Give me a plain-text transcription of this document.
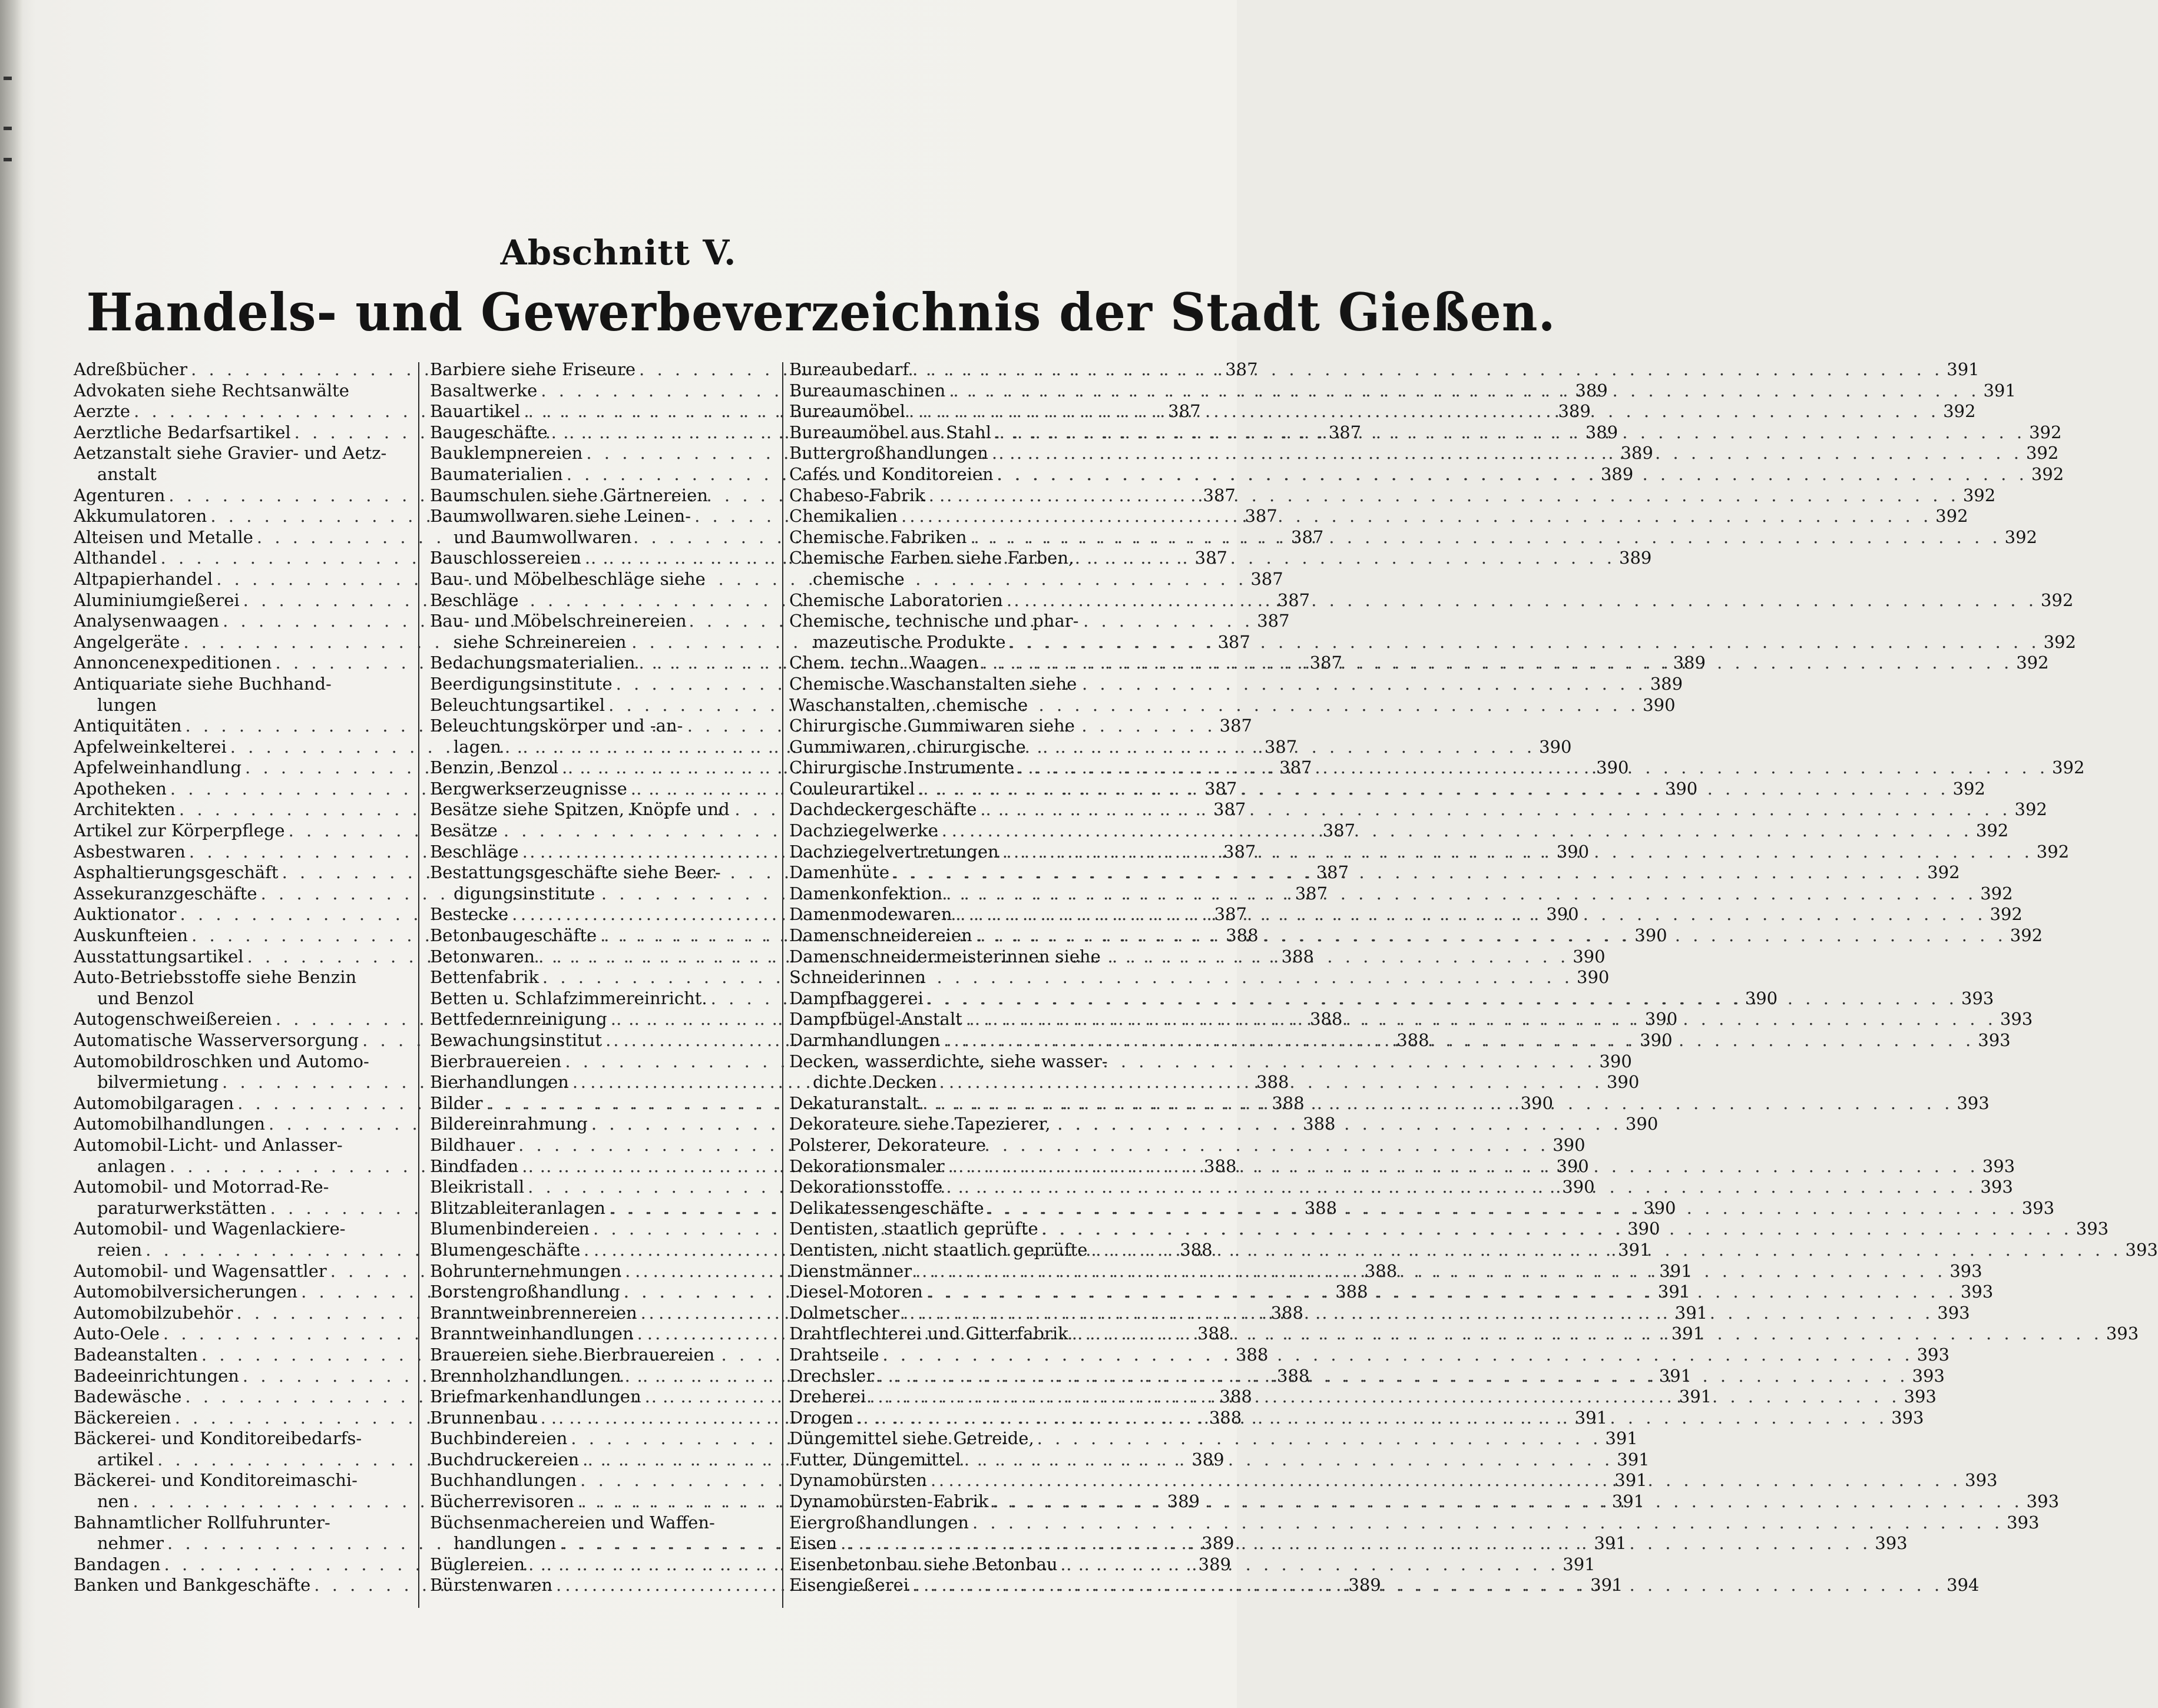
Abschnitt V.
Handels- und Gewerbeverzeichnis der Stadt Gießen.
Adreßbücher . . .	387
Advokaten siehe Rechtsanwälte
Aerzte . . .	387
Aerztliche Bedarfsartikel . . .	387
Aetzanstalt siehe Gravier- und Aetz-
anstalt
Agenturen . . .	387
Akkumulatoren . . .	387
Alteisen und Metalle . . .	387
Althandel . . .	387
Altpapierhandel . . .	387
Aluminiumgießerei . . .	387
Analysenwaagen . . .	387
Angelgeräte . . .	387
Annoncenexpeditionen . . .	387
Antiquariate siehe Buchhand-
lungen
Antiquitäten . . .	387
Apfelweinkelterei . . .	387
Apfelweinhandlung . . .	387
Apotheken . . .	387
Architekten . . .	387
Artikel zur Körperpflege . . .	387
Asbestwaren . . .	387
Asphaltierungsgeschäft . . .	387
Assekuranzgeschäfte . . .	387
Auktionator . . .	387
Auskunfteien . . .	388
Ausstattungsartikel . . .	388
Auto-Betriebsstoffe siehe Benzin
und Benzol
Autogenschweißereien . . .	388
Automatische Wasserversorgung . . .	388
Automobildroschken und Automo-
bilvermietung . . .	388
Automobilgaragen . . .	388
Automobilhandlungen . . .	388
Automobil-Licht- und Anlasser-
anlagen . . .	388
Automobil- und Motorrad-Re-
paraturwerkstätten . . .	388
Automobil- und Wagenlackiere-
reien . . .	388
Automobil- und Wagensattler . . .	388
Automobilversicherungen . . .	388
Automobilzubehör . . .	388
Auto-Oele . . .	388
Badeanstalten . . .	388
Badeeinrichtungen . . .	388
Badewäsche . . .	388
Bäckereien . . .	388
Bäckerei- und Konditoreibedarfs-
artikel . . .	389
Bäckerei- und Konditoreimaschi-
nen . . .	389
Bahnamtlicher Rollfuhrunter-
nehmer . . .	389
Bandagen . . .	389
Banken und Bankgeschäfte . . .	389
Barbiere siehe Friseure
Basaltwerke . . .	389
Bauartikel . . .	389
Baugeschäfte . . .	389
Bauklempnereien . . .	389
Baumaterialien . . .	389
Baumschulen siehe Gärtnereien
Baumwollwaren siehe Leinen-
und Baumwollwaren
Bauschlossereien . . .	389
Bau- und Möbelbeschläge siehe
Beschläge
Bau- und Möbelschreinereien
siehe Schreinereien
Bedachungsmaterialien . . .	389
Beerdigungsinstitute . . .	389
Beleuchtungsartikel . . .	390
Beleuchtungskörper und -an-
lagen . . .	390
Benzin, Benzol . . .	390
Bergwerkserzeugnisse . . .	390
Besätze siehe Spitzen, Knöpfe und
Besätze
Beschläge . . .	390
Bestattungsgeschäfte siehe Beer-
digungsinstitute
Bestecke . . .	390
Betonbaugeschäfte . . .	390
Betonwaren . . .	390
Bettenfabrik . . .	390
Betten u. Schlafzimmereinricht. . . .	390
Bettfedernreinigung . . .	390
Bewachungsinstitut . . .	390
Bierbrauereien . . .	390
Bierhandlungen . . .	390
Bilder . . .	390
Bildereinrahmung . . .	390
Bildhauer . . .	390
Bindfaden . . .	390
Bleikristall . . .	390
Blitzableiteranlagen . . .	390
Blumenbindereien . . .	390
Blumengeschäfte . . .	391
Bohrunternehmungen . . .	391
Borstengroßhandlung . . .	391
Branntweinbrennereien . . .	391
Branntweinhandlungen . . .	391
Brauereien siehe Bierbrauereien
Brennholzhandlungen . . .	391
Briefmarkenhandlungen . . .	391
Brunnenbau . . .	391
Buchbindereien . . .	391
Buchdruckereien . . .	391
Buchhandlungen . . .	391
Bücherrevisoren . . .	391
Büchsenmachereien und Waffen-
handlungen . . .	391
Büglereien . . .	391
Bürstenwaren . . .	391
Bureaubedarf . . .	391
Bureaumaschinen . . .	391
Bureaumöbel . . .	392
Bureaumöbel aus Stahl . . .	392
Buttergroßhandlungen . . .	392
Cafés und Konditoreien . . .	392
Chabeso-Fabrik . . .	392
Chemikalien . . .	392
Chemische Fabriken . . .	392
Chemische Farben siehe Farben,
chemische
Chemische Laboratorien . . .	392
Chemische, technische und phar-
mazeutische Produkte . . .	392
Chem. techn. Waagen . . .	392
Chemische Waschanstalten siehe
Waschanstalten, chemische
Chirurgische Gummiwaren siehe
Gummiwaren, chirurgische
Chirurgische Instrumente . . .	392
Couleurartikel . . .	392
Dachdeckergeschäfte . . .	392
Dachziegelwerke . . .	392
Dachziegelvertretungen . . .	392
Damenhüte . . .	392
Damenkonfektion . . .	392
Damenmodewaren . . .	392
Damenschneidereien . . .	392
Damenschneidermeisterinnen siehe
Schneiderinnen
Dampfbaggerei . . .	393
Dampfbügel-Anstalt . . .	393
Darmhandlungen . . .	393
Decken, wasserdichte, siehe wasser-
dichte Decken
Dekaturanstalt . . .	393
Dekorateure siehe Tapezierer,
Polsterer, Dekorateure
Dekorationsmaler . . .	393
Dekorationsstoffe . . .	393
Delikatessengeschäfte . . .	393
Dentisten, staatlich geprüfte . . .	393
Dentisten, nicht staatlich geprüfte . . .	393
Dienstmänner . . .	393
Diesel-Motoren . . .	393
Dolmetscher . . .	393
Drahtflechterei und Gitterfabrik . . .	393
Drahtseile . . .	393
Drechsler . . .	393
Dreherei . . .	393
Drogen . . .	393
Düngemittel siehe Getreide,
Futter, Düngemittel
Dynamobürsten . . .	393
Dynamobürsten-Fabrik . . .	393
Eiergroßhandlungen . . .	393
Eisen . . .	393
Eisenbetonbau siehe Betonbau
Eisengießerei . . .	394
